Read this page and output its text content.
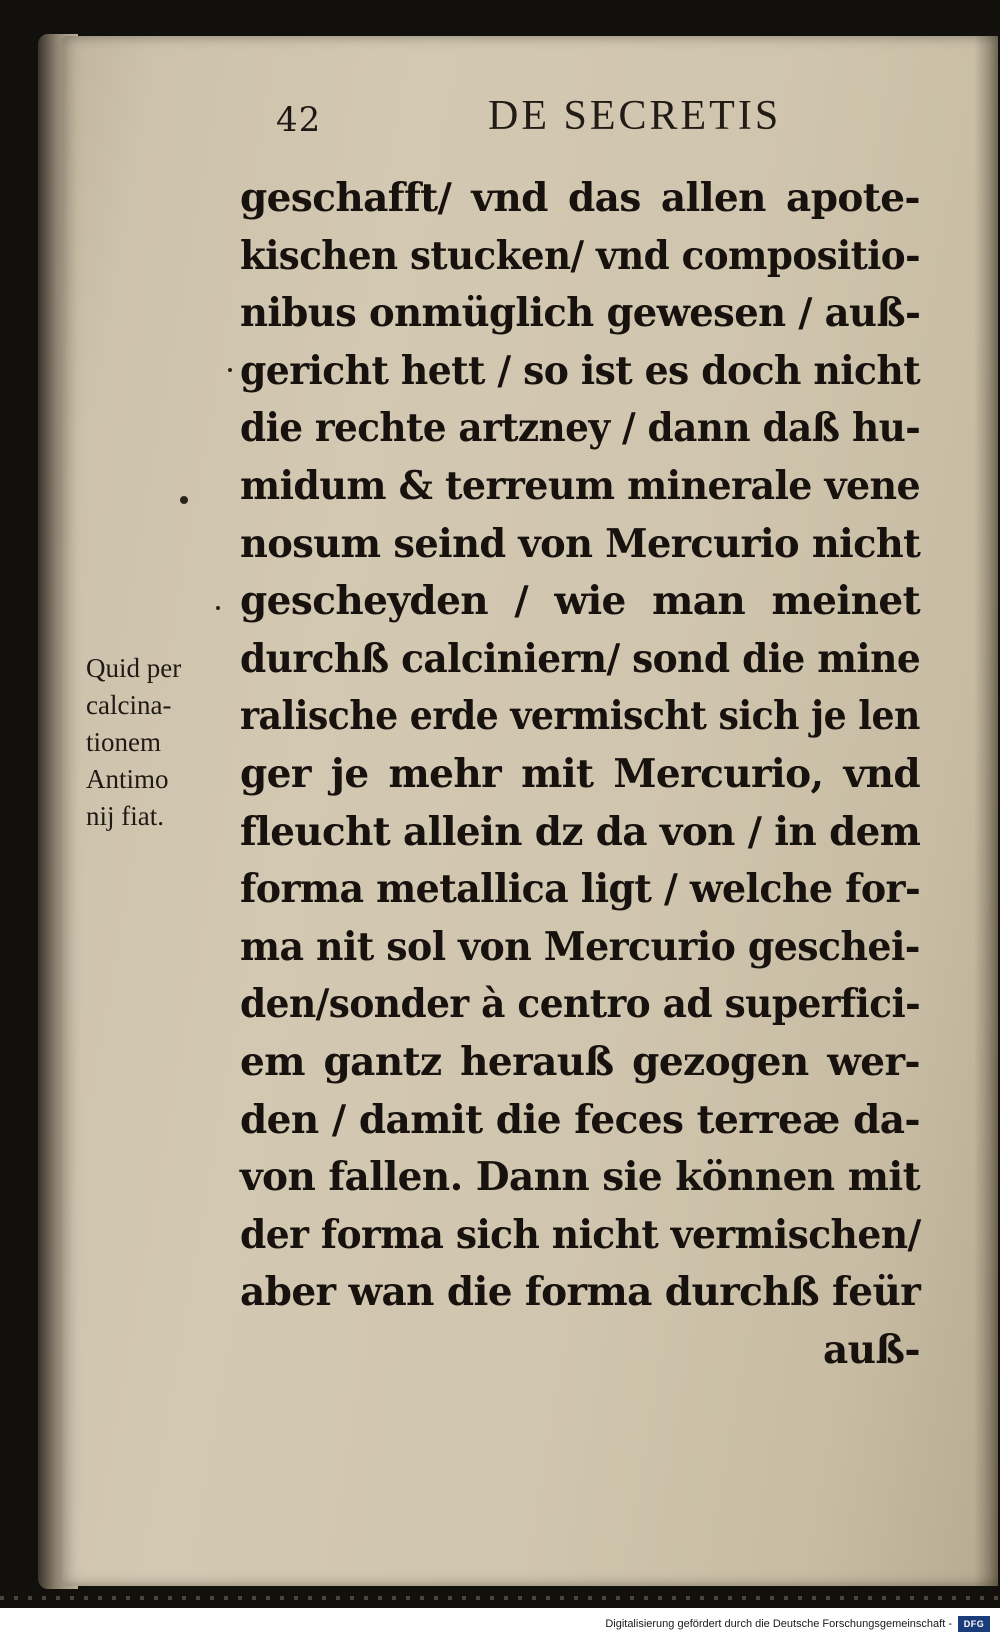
42	DE SECRETIS
geschafft/ vnd das allen apote-
kischen stucken/ vnd compositio-
nibus onmüglich gewesen / auß-
gericht hett / so ist es doch nicht
die rechte artzney / dann daß hu-
midum & terreum minerale vene
nosum seind von Mercurio nicht
gescheyden / wie man meinet
durchß calciniern/ sond die mine
ralische erde vermischt sich je len
ger je mehr mit Mercurio, vnd
fleucht allein dz da von / in dem
forma metallica ligt / welche for-
ma nit sol von Mercurio geschei-
den/sonder à centro ad superfici-
em gantz herauß gezogen wer-
den / damit die feces terreæ da-
von fallen. Dann sie können mit
der forma sich nicht vermischen/
aber wan die forma durchß feür
auß-
Quid per
calcina-
tionem
Antimo
nij fiat.
Digitalisierung gefördert durch die Deutsche Forschungsgemeinschaft -	DFG
